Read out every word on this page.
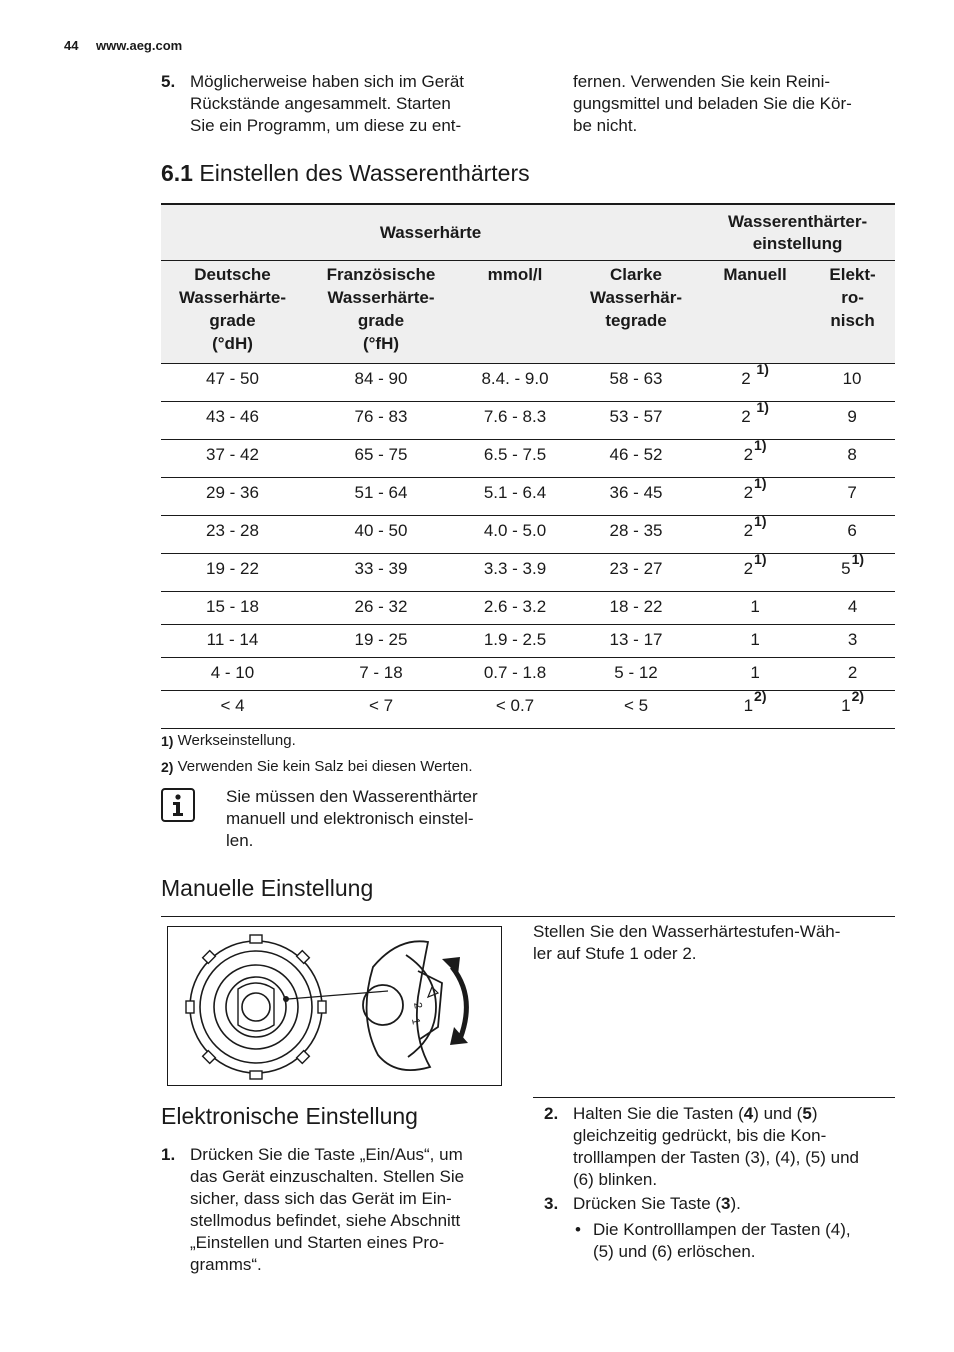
44 www.aeg.com
5. Möglicherweise haben sich im Gerät
Rückstände angesammelt. Starten
Sie ein Programm, um diese zu ent-
fernen. Verwenden Sie kein Reini-
gungsmittel und beladen Sie die Kör-
be nicht.
6.1 Einstellen des Wasserenthärters
Wasserhärte				Wasserenthärter-
einstellung	
Deutsche
Wasserhärte-
grade
(°dH)	Französische
Wasserhärte-
grade
(°fH)	mmol/l	Clarke
Wasserhär-
tegrade	Manuell	Elekt-
ro-
nisch
47 - 50	84 - 90	8.4. - 9.0	58 - 63	2 $^{1)}$	10
43 - 46	76 - 83	7.6 - 8.3	53 - 57	2 $^{1)}$	9
37 - 42	65 - 75	6.5 - 7.5	46 - 52	2$^{1)}$	8
29 - 36	51 - 64	5.1 - 6.4	36 - 45	2$^{1)}$	7
23 - 28	40 - 50	4.0 - 5.0	28 - 35	2$^{1)}$	6
19 - 22	33 - 39	3.3 - 3.9	23 - 27	2$^{1)}$	5$^{1)}$
15 - 18	26 - 32	2.6 - 3.2	18 - 22	1	4
11 - 14	19 - 25	1.9 - 2.5	13 - 17	1	3
4 - 10	7 - 18	0.7 - 1.8	5 - 12	1	2
< 4	< 7	< 0.7	< 5	1$^{2)}$	1$^{2)}$
1) Werkseinstellung.
2) Verwenden Sie kein Salz bei diesen Werten.
Sie müssen den Wasserenthärter
manuell und elektronisch einstel-
len.
Manuelle Einstellung
2
1
Stellen Sie den Wasserhärtestufen-Wäh-
ler auf Stufe 1 oder 2.
Elektronische Einstellung
1. Drücken Sie die Taste „Ein/Aus“, um
das Gerät einzuschalten. Stellen Sie
sicher, dass sich das Gerät im Ein-
stellmodus befindet, siehe Abschnitt
„Einstellen und Starten eines Pro-
gramms“.
2. Halten Sie die Tasten (4) und (5)
gleichzeitig gedrückt, bis die Kon-
trolllampen der Tasten (3), (4), (5) und
(6) blinken.
3. Drücken Sie Taste (3).
• Die Kontrolllampen der Tasten (4),
(5) und (6) erlöschen.
